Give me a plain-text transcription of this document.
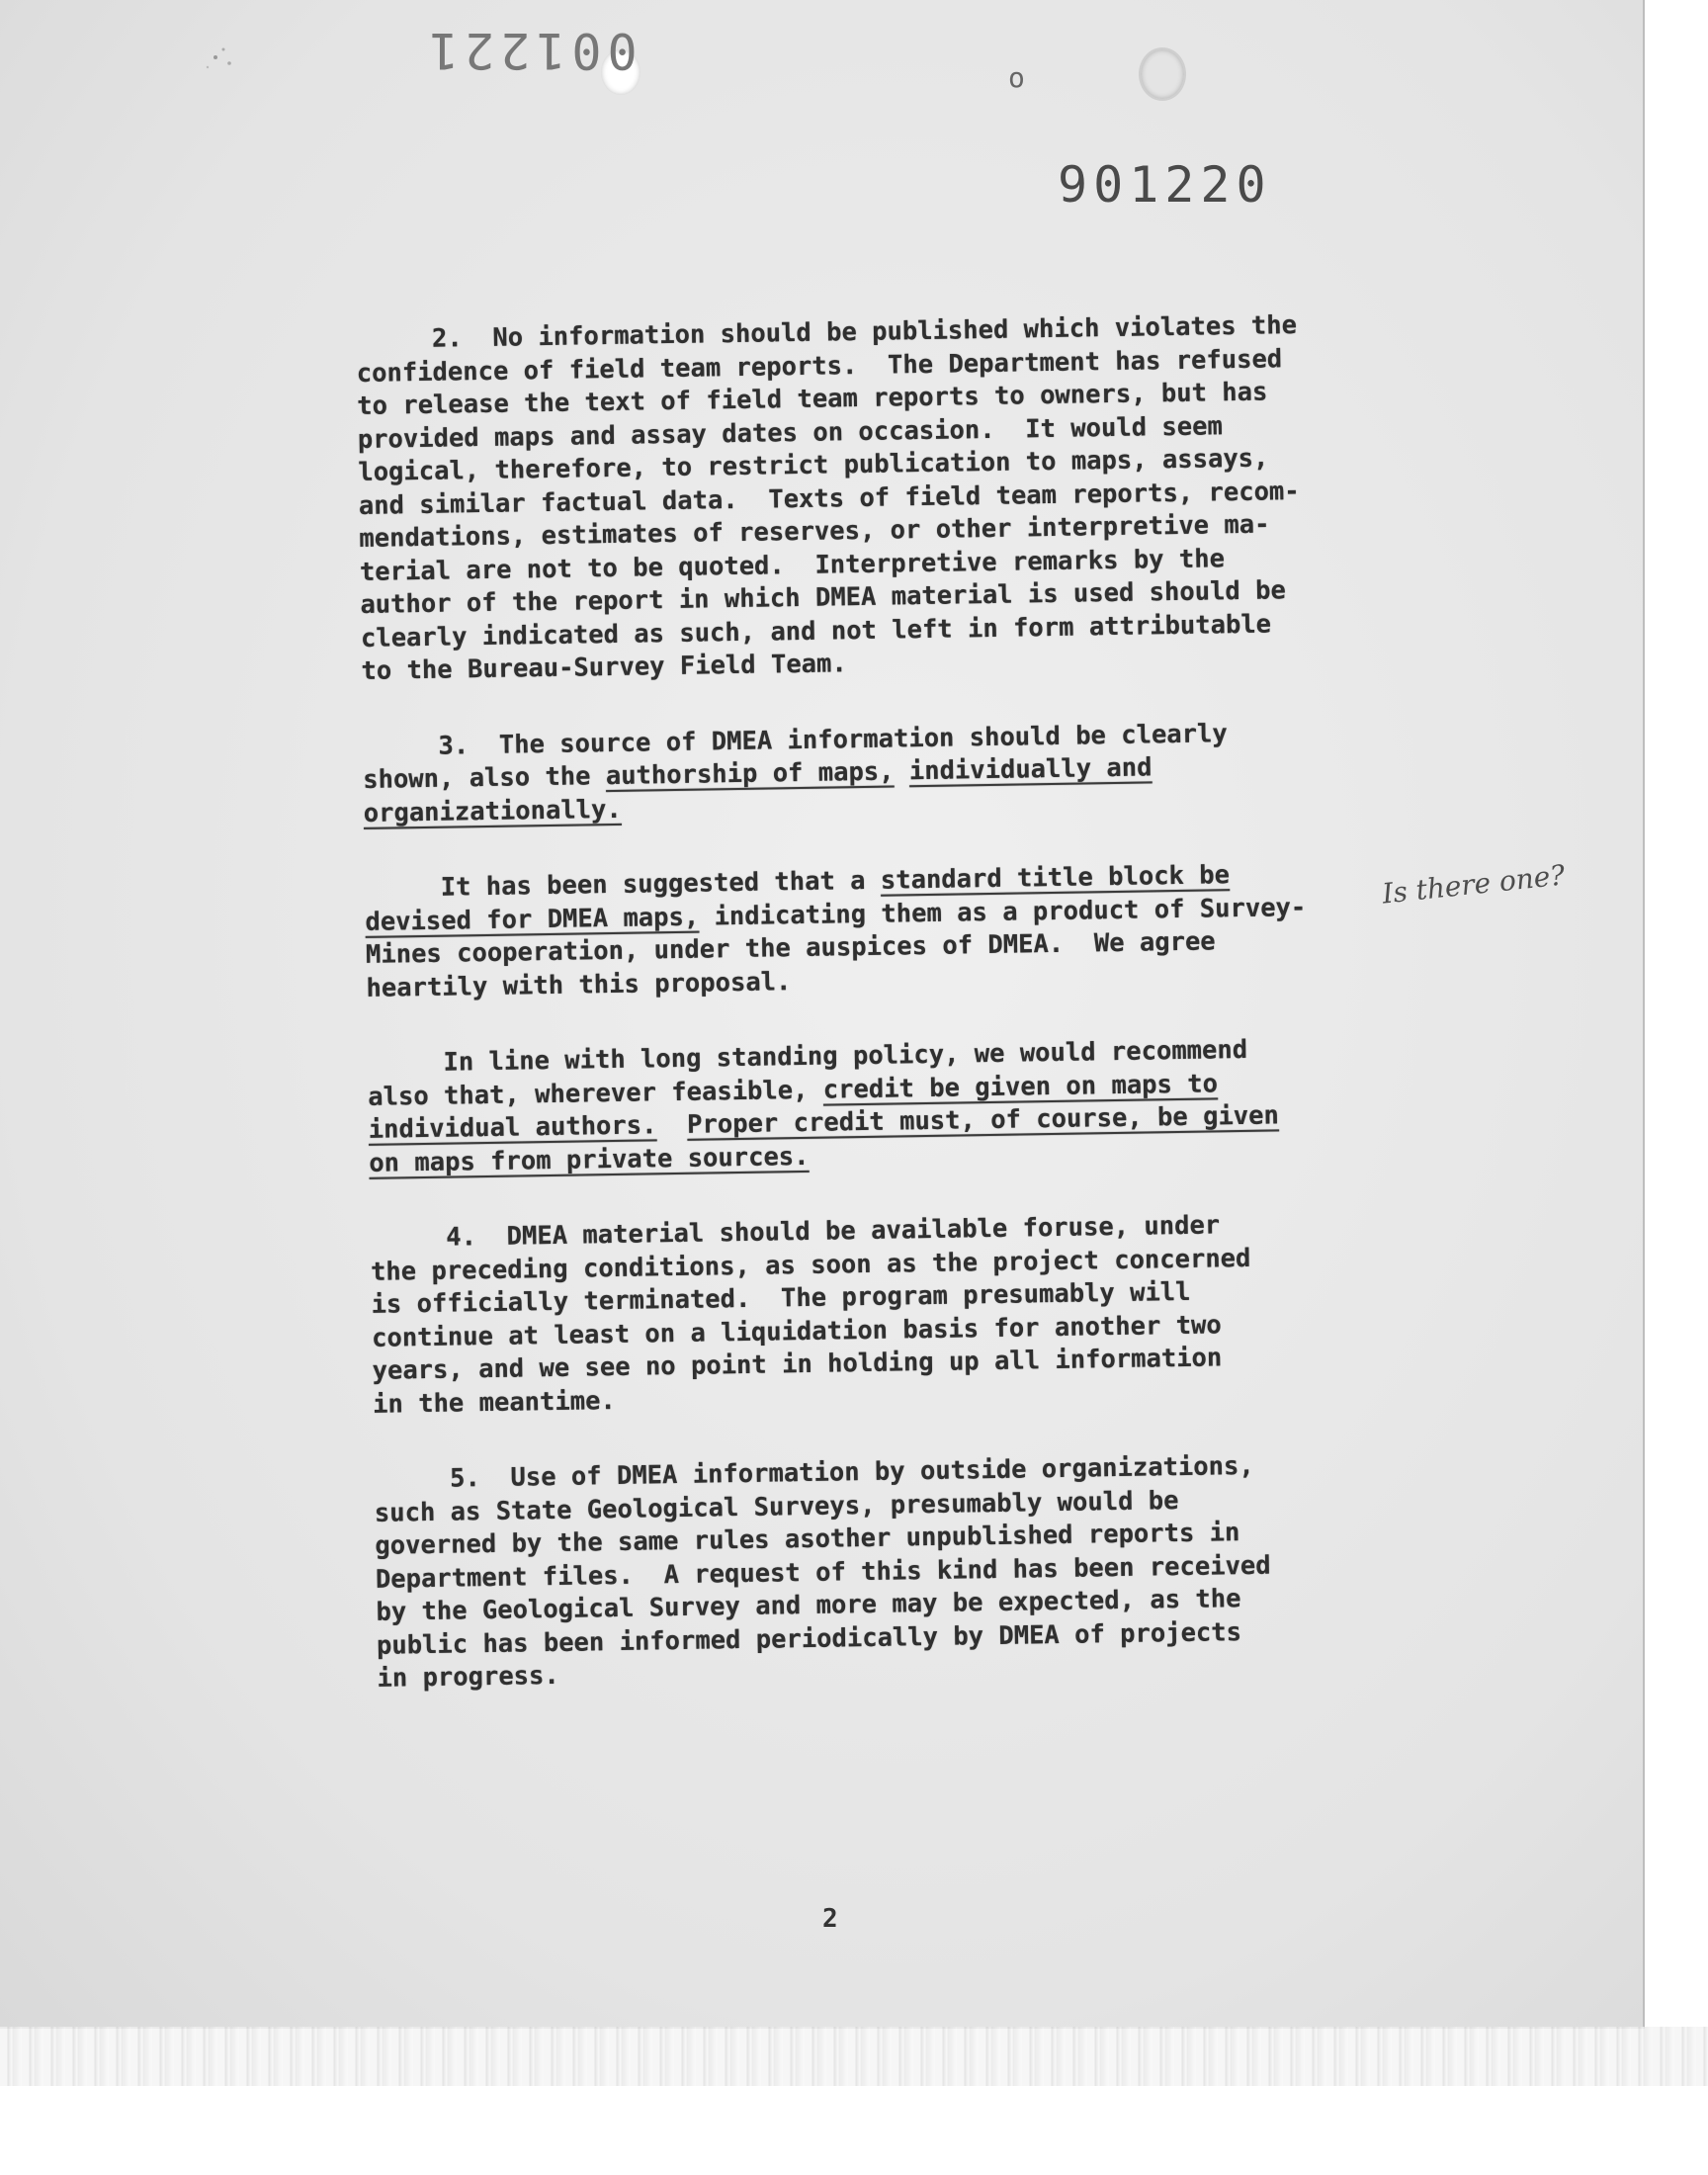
001221	o
901220
2.  No information should be published which violates the
confidence of field team reports.  The Department has refused
to release the text of field team reports to owners, but has
provided maps and assay dates on occasion.  It would seem
logical, therefore, to restrict publication to maps, assays,
and similar factual data.  Texts of field team reports, recom-
mendations, estimates of reserves, or other interpretive ma-
terial are not to be quoted.  Interpretive remarks by the
author of the report in which DMEA material is used should be
clearly indicated as such, and not left in form attributable
to the Bureau-Survey Field Team.
3.  The source of DMEA information should be clearly
shown, also the authorship of maps, individually and
organizationally.
It has been suggested that a standard title block be
devised for DMEA maps, indicating them as a product of Survey-
Mines cooperation, under the auspices of DMEA.  We agree
heartily with this proposal.
In line with long standing policy, we would recommend
also that, wherever feasible, credit be given on maps to
individual authors. Proper credit must, of course, be given
on maps from private sources.
4.  DMEA material should be available foruse, under
the preceding conditions, as soon as the project concerned
is officially terminated.  The program presumably will
continue at least on a liquidation basis for another two
years, and we see no point in holding up all information
in the meantime.
5.  Use of DMEA information by outside organizations,
such as State Geological Surveys, presumably would be
governed by the same rules asother unpublished reports in
Department files.  A request of this kind has been received
by the Geological Survey and more may be expected, as the
public has been informed periodically by DMEA of projects
in progress.
Is there one?
2
